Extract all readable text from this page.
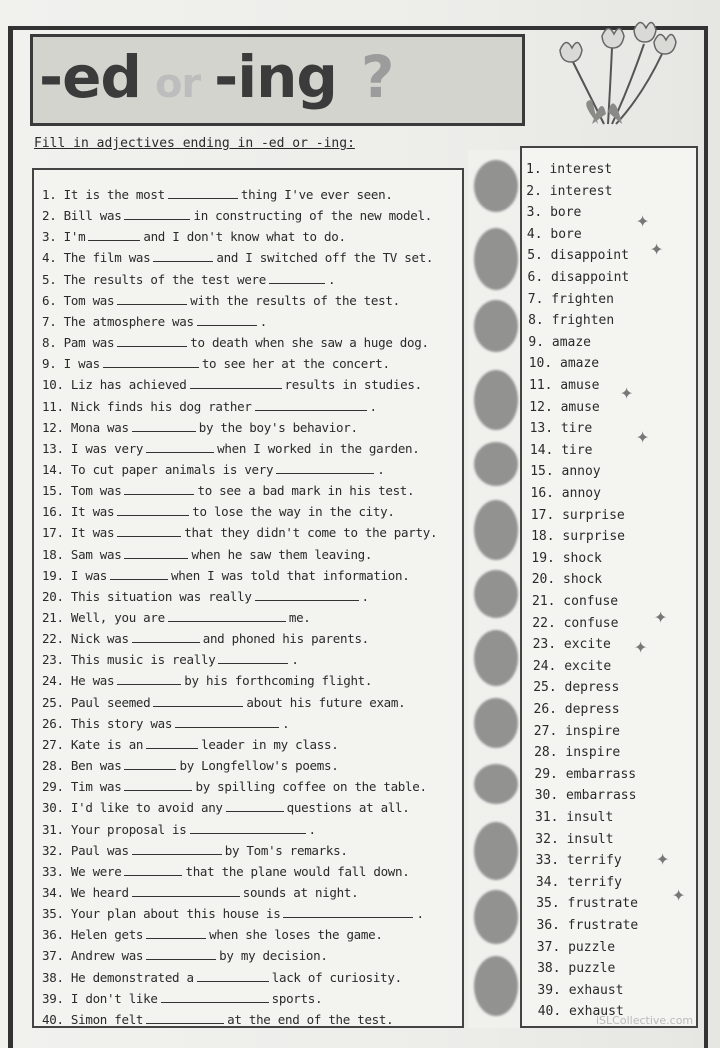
-ed or -ing ?
Fill in adjectives ending in -ed or -ing:
1. It is the most	thing I've ever seen.
2. Bill was	in constructing of the new model.
3. I'm	and I don't know what to do.
4. The film was	and I switched off the TV set.
5. The results of the test were	.
6. Tom was	with the results of the test.
7. The atmosphere was	.
8. Pam was	to death when she saw a huge dog.
9. I was	to see her at the concert.
10. Liz has achieved	results in studies.
11. Nick finds his dog rather	.
12. Mona was	by the boy's behavior.
13. I was very	when I worked in the garden.
14. To cut paper animals is very	.
15. Tom was	to see a bad mark in his test.
16. It was	to lose the way in the city.
17. It was	that they didn't come to the party.
18. Sam was	when he saw them leaving.
19. I was	when I was told that information.
20. This situation was really	.
21. Well, you are	me.
22. Nick was	and phoned his parents.
23. This music is really	.
24. He was	by his forthcoming flight.
25. Paul seemed	about his future exam.
26. This story was	.
27. Kate is an	leader in my class.
28. Ben was	by Longfellow's poems.
29. Tim was	by spilling coffee on the table.
30. I'd like to avoid any	questions at all.
31. Your proposal is	.
32. Paul was	by Tom's remarks.
33. We were	that the plane would fall down.
34. We heard	sounds at night.
35. Your plan about this house is	.
36. Helen gets	when she loses the game.
37. Andrew was	by my decision.
38. He demonstrated a	lack of curiosity.
39. I don't like	sports.
40. Simon felt	at the end of the test.
1. interest
2. interest
3. bore
4. bore
5. disappoint
6. disappoint
7. frighten
8. frighten
9. amaze
10. amaze
11. amuse
12. amuse
13. tire
14. tire
15. annoy
16. annoy
17. surprise
18. surprise
19. shock
20. shock
21. confuse
22. confuse
23. excite
24. excite
25. depress
26. depress
27. inspire
28. inspire
29. embarrass
30. embarrass
31. insult
32. insult
33. terrify
34. terrify
35. frustrate
36. frustrate
37. puzzle
38. puzzle
39. exhaust
40. exhaust
✦
✦
✦
✦
✦
✦
✦
✦
iSLCollective.com
